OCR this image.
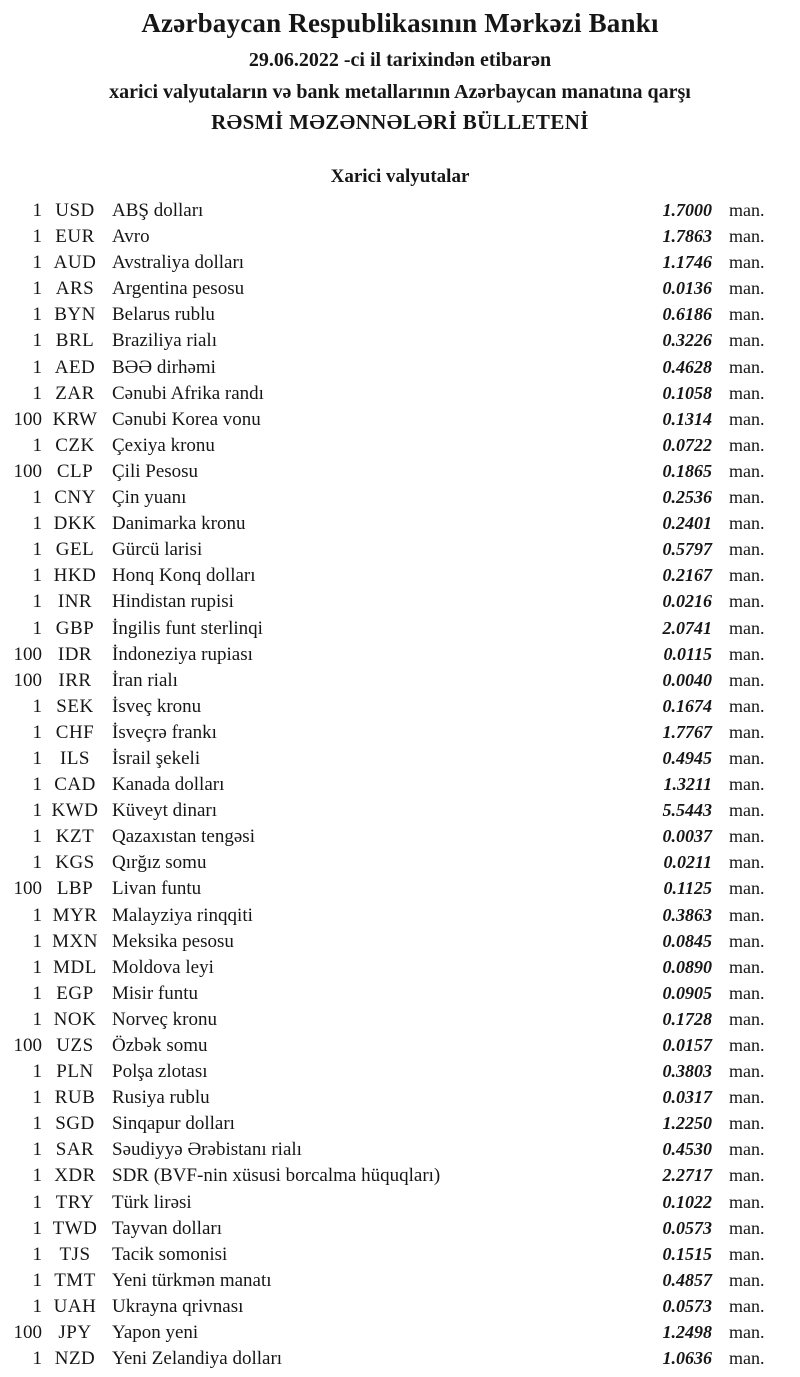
Azərbaycan Respublikasının Mərkəzi Bankı
29.06.2022 -ci il tarixindən etibarən
xarici valyutaların və bank metallarının Azərbaycan manatına qarşı
RƏSMİ MƏZƏNNƏLƏRİ BÜLLETENİ
Xarici valyutalar
1 USD ABŞ dolları	1.7000 man.
1 EUR Avro	1.7863 man.
1 AUD Avstraliya dolları	1.1746 man.
1 ARS Argentina pesosu	0.0136 man.
1 BYN Belarus rublu	0.6186 man.
1 BRL Braziliya rialı	0.3226 man.
1 AED BƏƏ dirhəmi	0.4628 man.
1 ZAR Cənubi Afrika randı	0.1058 man.
100 KRW Cənubi Korea vonu	0.1314 man.
1 CZK Çexiya kronu	0.0722 man.
100 CLP Çili Pesosu	0.1865 man.
1 CNY Çin yuanı	0.2536 man.
1 DKK Danimarka kronu	0.2401 man.
1 GEL Gürcü larisi	0.5797 man.
1 HKD Honq Konq dolları	0.2167 man.
1 INR	Hindistan rupisi	0.0216 man.
1 GBP İngilis funt sterlinqi	2.0741 man.
100 IDR	İndoneziya rupiası	0.0115 man.
100 IRR	İran rialı	0.0040 man.
1 SEK İsveç kronu	0.1674 man.
1 CHF İsveçrə frankı	1.7767 man.
1 ILS	İsrail şekeli	0.4945 man.
1 CAD Kanada dolları	1.3211 man.
1 KWD Küveyt dinarı	5.5443 man.
1 KZT Qazaxıstan tengəsi	0.0037 man.
1 KGS Qırğız somu	0.0211 man.
100 LBP Livan funtu	0.1125 man.
1 MYR Malayziya rinqqiti	0.3863 man.
1 MXN Meksika pesosu	0.0845 man.
1 MDL Moldova leyi	0.0890 man.
1 EGP Misir funtu	0.0905 man.
1 NOK Norveç kronu	0.1728 man.
100 UZS Özbək somu	0.0157 man.
1 PLN Polşa zlotası	0.3803 man.
1 RUB Rusiya rublu	0.0317 man.
1 SGD Sinqapur dolları	1.2250 man.
1 SAR Səudiyyə Ərəbistanı rialı	0.4530 man.
1 XDR SDR (BVF-nin xüsusi borcalma hüquqları)	2.2717 man.
1 TRY Türk lirəsi	0.1022 man.
1 TWD Tayvan dolları	0.0573 man.
1 TJS	Tacik somonisi	0.1515 man.
1 TMT Yeni türkmən manatı	0.4857 man.
1 UAH Ukrayna qrivnası	0.0573 man.
100 JPY	Yapon yeni	1.2498 man.
1 NZD Yeni Zelandiya dolları	1.0636 man.
